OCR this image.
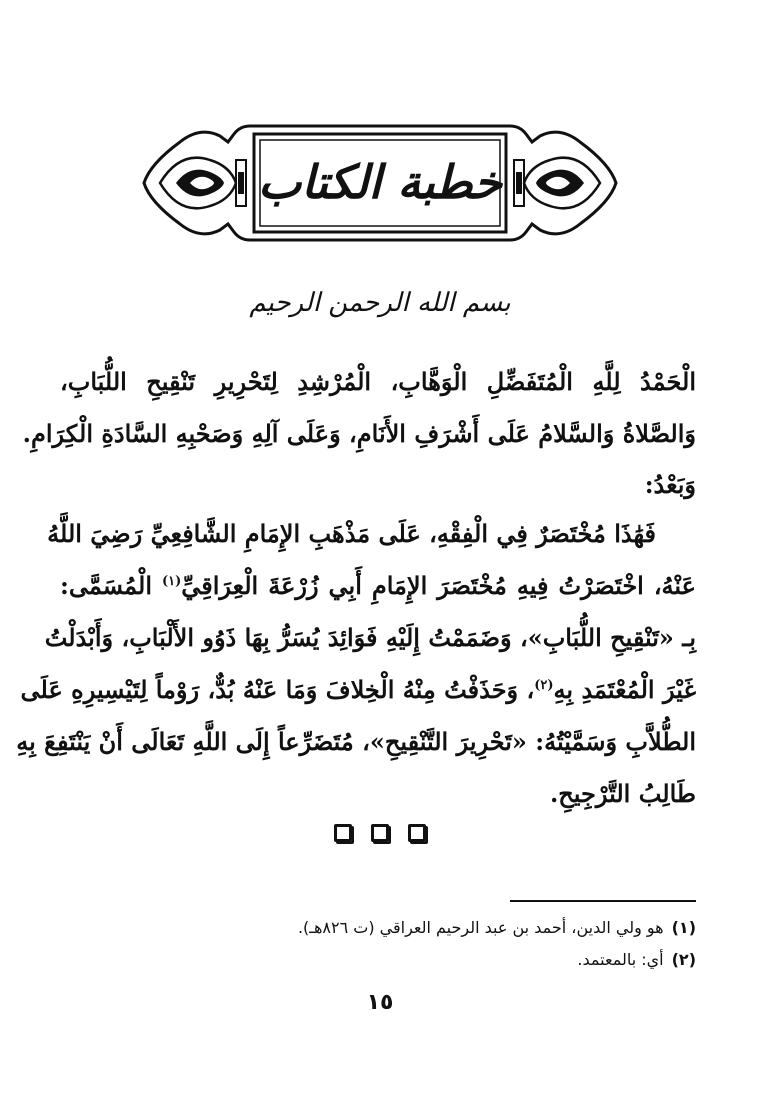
خطبة الكتاب
بسم الله الرحمن الرحيم
الْحَمْدُ لِلَّهِ الْمُتَفَضِّلِ الْوَهَّابِ، الْمُرْشِدِ لِتَحْرِيرِ تَنْقِيحِ اللُّبَابِ،
وَالصَّلاةُ وَالسَّلامُ عَلَى أَشْرَفِ الأَنَامِ، وَعَلَى آلِهِ وَصَحْبِهِ السَّادَةِ الْكِرَامِ.
وَبَعْدُ:
فَهَٰذَا مُخْتَصَرٌ فِي الْفِقْهِ، عَلَى مَذْهَبِ الإِمَامِ الشَّافِعِيِّ رَضِيَ اللَّهُ
عَنْهُ، اخْتَصَرْتُ فِيهِ مُخْتَصَرَ الإِمَامِ أَبِي زُرْعَةَ الْعِرَاقِيِّ$^{(١)}$ الْمُسَمَّى:
بِـ «تَنْقِيحِ اللُّبَابِ»، وَضَمَمْتُ إِلَيْهِ فَوَائِدَ يُسَرُّ بِهَا ذَوُو الأَلْبَابِ، وَأَبْدَلْتُ
غَيْرَ الْمُعْتَمَدِ بِهِ$^{(٢)}$، وَحَذَفْتُ مِنْهُ الْخِلافَ وَمَا عَنْهُ بُدٌّ، رَوْماً لِتَيْسِيرِهِ عَلَى
الطُّلاَّبِ وَسَمَّيْتُهُ: «تَحْرِيرَ التَّنْقِيحِ»، مُتَضَرِّعاً إِلَى اللَّهِ تَعَالَى أَنْ يَنْتَفِعَ بِهِ
طَالِبُ التَّرْجِيحِ.
(١)هو ولي الدين، أحمد بن عبد الرحيم العراقي (ت ٨٢٦هـ).
(٢)أي: بالمعتمد.
١٥
